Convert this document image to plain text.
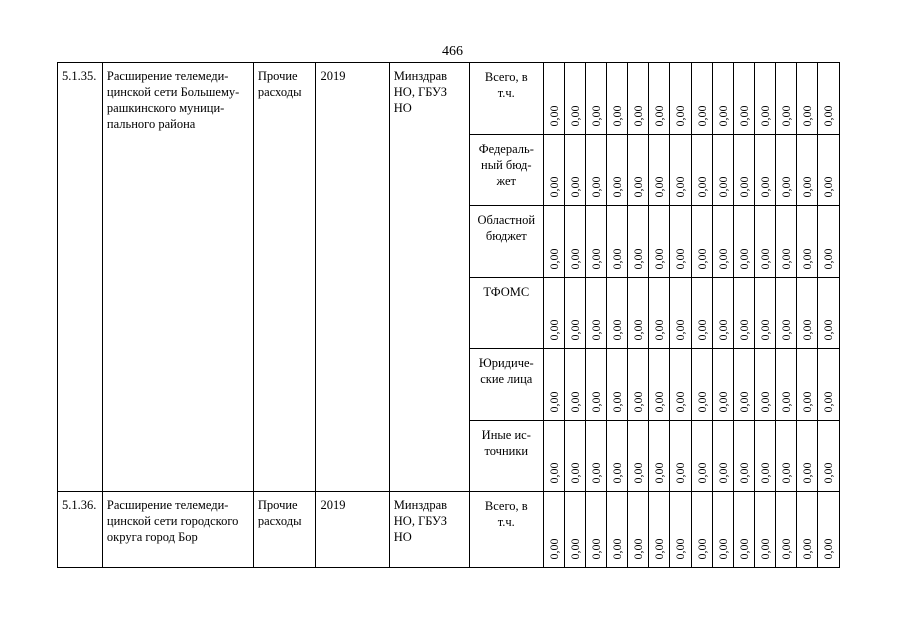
466
5.1.35.	Расширение телемеди-
цинской сети Большему-
рашкинского муници-
пального района	Прочие
расходы	2019	Минздрав
НО, ГБУЗ
НО	Всего, в
т.ч.	0,00	0,00	0,00	0,00	0,00	0,00	0,00	0,00	0,00	0,00	0,00	0,00	0,00	0,00

					Федераль-
ный бюд-
жет	0,00	0,00	0,00	0,00	0,00	0,00	0,00	0,00	0,00	0,00	0,00	0,00	0,00	0,00

					Областной
бюджет	0,00	0,00	0,00	0,00	0,00	0,00	0,00	0,00	0,00	0,00	0,00	0,00	0,00	0,00

					ТФОМС	0,00	0,00	0,00	0,00	0,00	0,00	0,00	0,00	0,00	0,00	0,00	0,00	0,00	0,00

					Юридиче-
ские лица	0,00	0,00	0,00	0,00	0,00	0,00	0,00	0,00	0,00	0,00	0,00	0,00	0,00	0,00

					Иные ис-
точники	0,00	0,00	0,00	0,00	0,00	0,00	0,00	0,00	0,00	0,00	0,00	0,00	0,00	0,00

5.1.36.	Расширение телемеди-
цинской сети городского
округа город Бор	Прочие
расходы	2019	Минздрав
НО, ГБУЗ
НО	Всего, в
т.ч.	0,00	0,00	0,00	0,00	0,00	0,00	0,00	0,00	0,00	0,00	0,00	0,00	0,00	0,00
